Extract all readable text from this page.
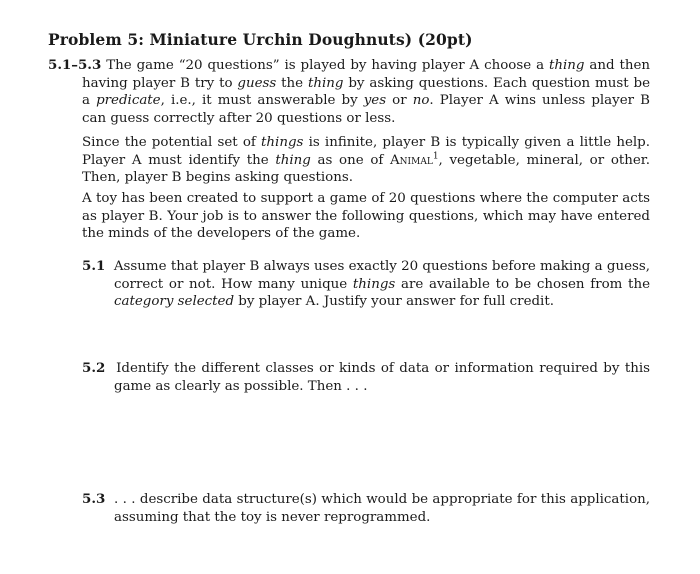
Problem 5: Miniature Urchin Doughnuts) (20pt)
5.1–5.3 The game “20 questions” is played by having player A choose a thing and then having player B try to guess the thing by asking questions. Each question must be a predicate, i.e., it must answerable by yes or no. Player A wins unless player B can guess correctly after 20 questions or less.
Since the potential set of things is infinite, player B is typically given a little help. Player A must identify the thing as one of Animal$^1$, vegetable, mineral, or other. Then, player B begins asking questions.
A toy has been created to support a game of 20 questions where the computer acts as player B. Your job is to answer the following questions, which may have entered the minds of the developers of the game.
5.1 Assume that player B always uses exactly 20 questions before making a guess, correct or not. How many unique things are available to be chosen from the category selected by player A. Justify your answer for full credit.
5.2 Identify the different classes or kinds of data or information required by this game as clearly as possible. Then . . .
5.3 . . . describe data structure(s) which would be appropriate for this application, assuming that the toy is never reprogrammed.
